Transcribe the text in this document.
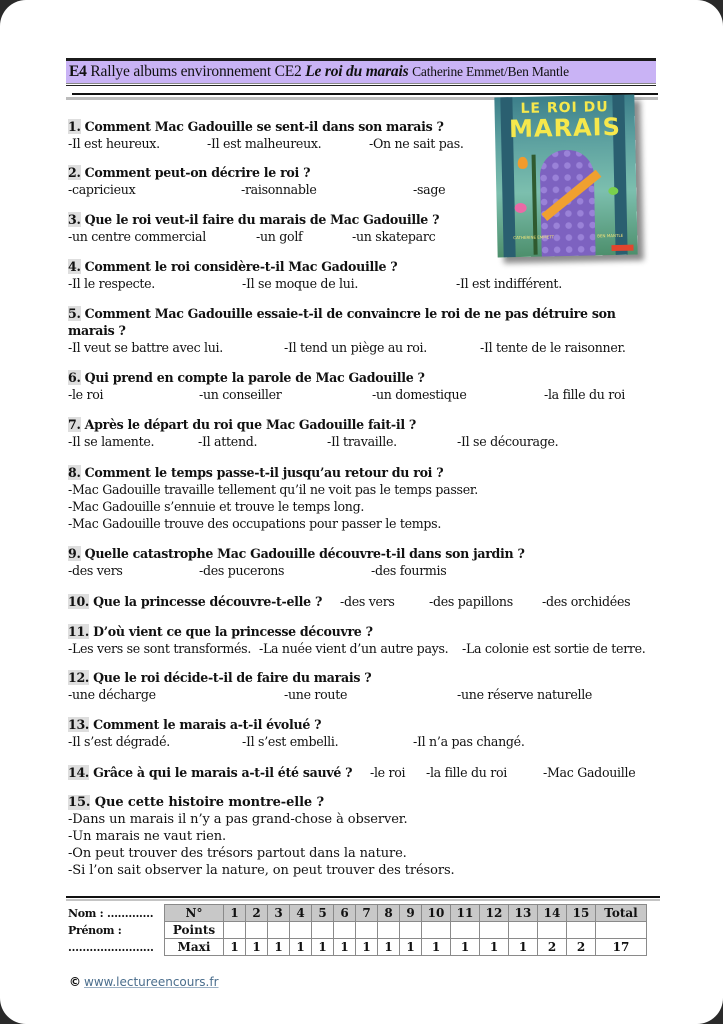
E4 Rallye albums environnement CE2 Le roi du marais Catherine Emmet/Ben Mantle
LE ROI DU
MARAIS
CATHERINE EMMETT	BEN MANTLE
1. Comment Mac Gadouille se sent-il dans son marais ?
-Il est heureux.	-Il est malheureux.	-On ne sait pas.
2. Comment peut-on décrire le roi ?
-capricieux	-raisonnable	-sage
3. Que le roi veut-il faire du marais de Mac Gadouille ?
-un centre commercial	-un golf	-un skateparc
4. Comment le roi considère-t-il Mac Gadouille ?
-Il le respecte.	-Il se moque de lui.	-Il est indifférent.
5. Comment Mac Gadouille essaie-t-il de convaincre le roi de ne pas détruire son marais ?
-Il veut se battre avec lui.	-Il tend un piège au roi.	-Il tente de le raisonner.
6. Qui prend en compte la parole de Mac Gadouille ?
-le roi	-un conseiller	-un domestique	-la fille du roi
7. Après le départ du roi que Mac Gadouille fait-il ?
-Il se lamente.	-Il attend.	-Il travaille.	-Il se décourage.
8. Comment le temps passe-t-il jusqu’au retour du roi ?
-Mac Gadouille travaille tellement qu’il ne voit pas le temps passer.
-Mac Gadouille s’ennuie et trouve le temps long.
-Mac Gadouille trouve des occupations pour passer le temps.
9. Quelle catastrophe Mac Gadouille découvre-t-il dans son jardin ?
-des vers	-des pucerons	-des fourmis
10. Que la princesse découvre-t-elle ?	-des vers	-des papillons -des orchidées
11. D’où vient ce que la princesse découvre ?
-Les vers se sont transformés. -La nuée vient d’un autre pays. -La colonie est sortie de terre.
12. Que le roi décide-t-il de faire du marais ?
-une décharge	-une route	-une réserve naturelle
13. Comment le marais a-t-il évolué ?
-Il s’est dégradé.	-Il s’est embelli.	-Il n’a pas changé.
14. Grâce à qui le marais a-t-il été sauvé ?	-le roi -la fille du roi	-Mac Gadouille
15. Que cette histoire montre-elle ?
-Dans un marais il n’y a pas grand-chose à observer.
-Un marais ne vaut rien.
-On peut trouver des trésors partout dans la nature.
-Si l’on sait observer la nature, on peut trouver des trésors.
Nom : ………….
Prénom :
……………………
N°	1	2	3	4	5	6	7	8	9	10	11	12	13	14	15	Total
Points																
Maxi	1	1	1	1	1	1	1	1	1	1	1	1	1	2	2	17
© www.lectureencours.fr
